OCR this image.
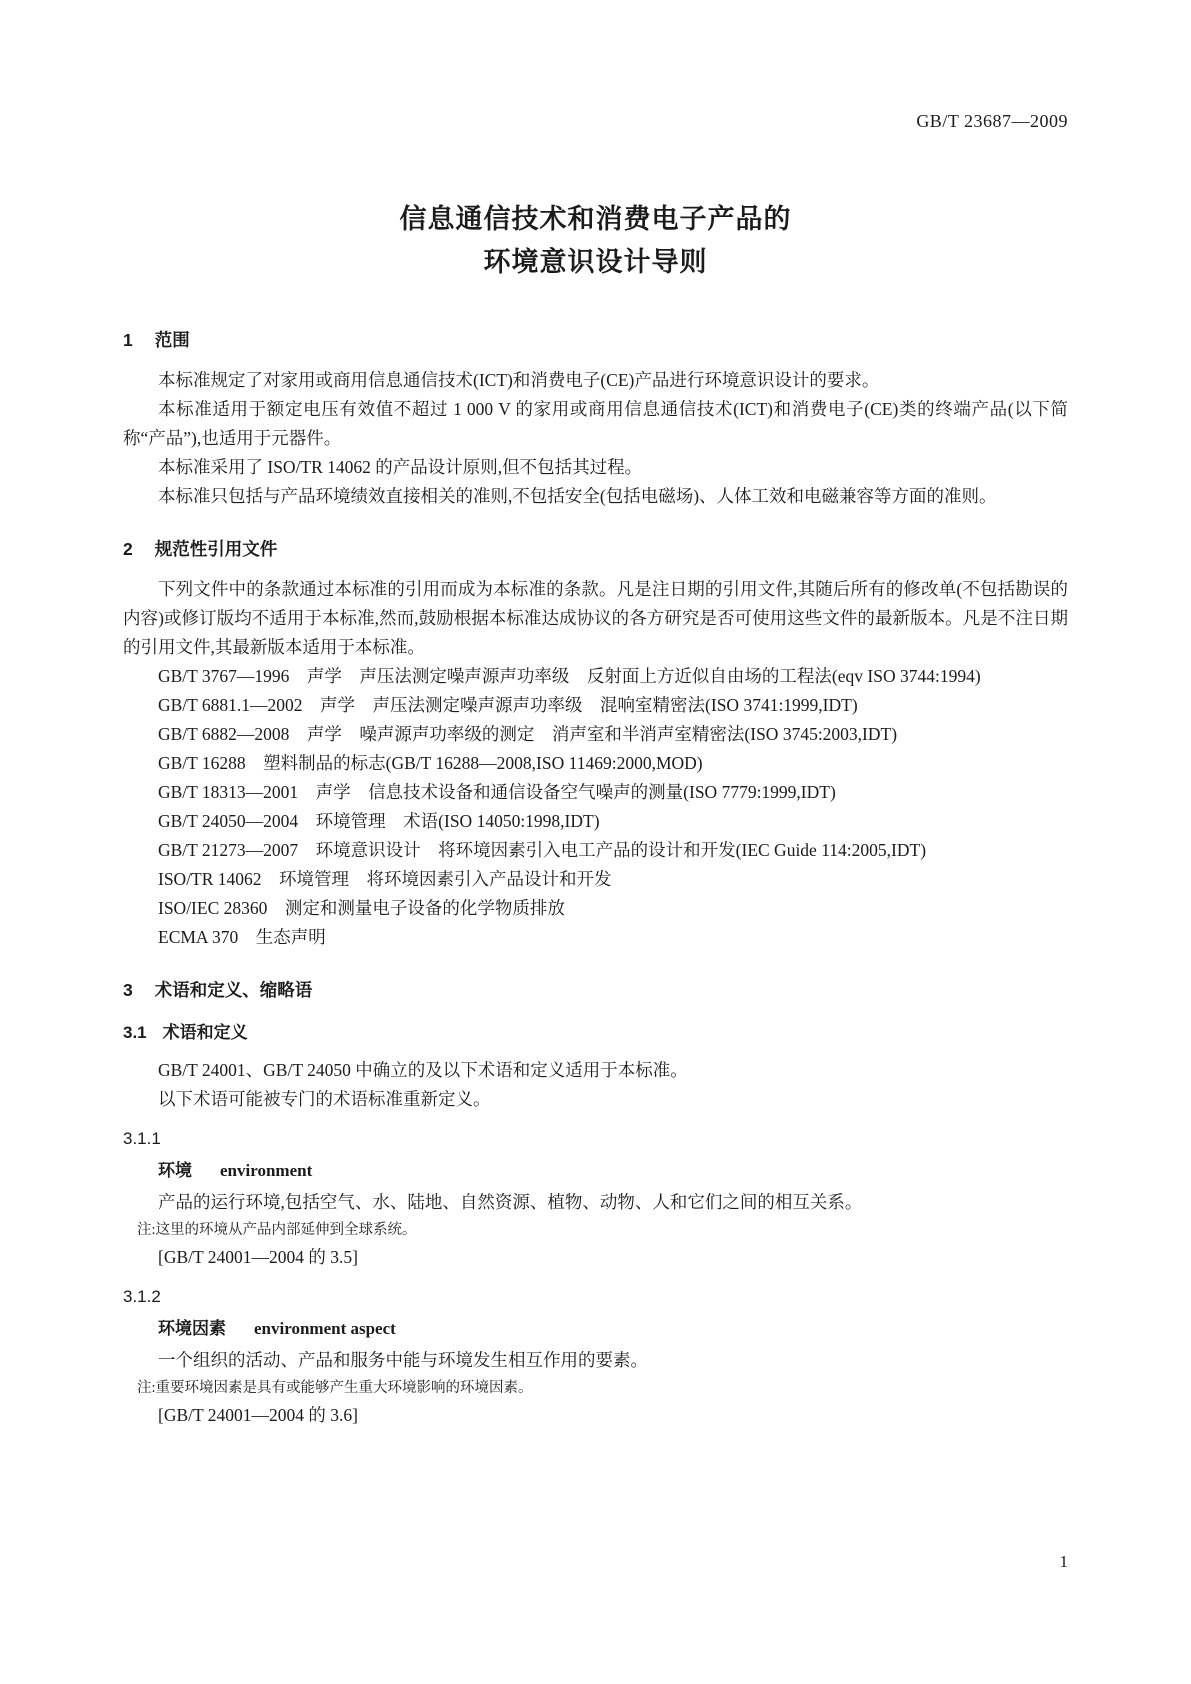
GB/T 23687—2009
信息通信技术和消费电子产品的
环境意识设计导则
1 范围

本标准规定了对家用或商用信息通信技术(ICT)和消费电子(CE)产品进行环境意识设计的要求。

本标准适用于额定电压有效值不超过 1 000 V 的家用或商用信息通信技术(ICT)和消费电子(CE)类的终端产品(以下简称“产品”),也适用于元器件。

本标准采用了 ISO/TR 14062 的产品设计原则,但不包括其过程。

本标准只包括与产品环境绩效直接相关的准则,不包括安全(包括电磁场)、人体工效和电磁兼容等方面的准则。

2 规范性引用文件

下列文件中的条款通过本标准的引用而成为本标准的条款。凡是注日期的引用文件,其随后所有的修改单(不包括勘误的内容)或修订版均不适用于本标准,然而,鼓励根据本标准达成协议的各方研究是否可使用这些文件的最新版本。凡是不注日期的引用文件,其最新版本适用于本标准。

GB/T 3767—1996　声学　声压法测定噪声源声功率级　反射面上方近似自由场的工程法(eqv ISO 3744:1994)

GB/T 6881.1—2002　声学　声压法测定噪声源声功率级　混响室精密法(ISO 3741:1999,IDT)

GB/T 6882—2008　声学　噪声源声功率级的测定　消声室和半消声室精密法(ISO 3745:2003,IDT)

GB/T 16288　塑料制品的标志(GB/T 16288—2008,ISO 11469:2000,MOD)

GB/T 18313—2001　声学　信息技术设备和通信设备空气噪声的测量(ISO 7779:1999,IDT)

GB/T 24050—2004　环境管理　术语(ISO 14050:1998,IDT)

GB/T 21273—2007　环境意识设计　将环境因素引入电工产品的设计和开发(IEC Guide 114:2005,IDT)

ISO/TR 14062　环境管理　将环境因素引入产品设计和开发

ISO/IEC 28360　测定和测量电子设备的化学物质排放

ECMA 370　生态声明

3 术语和定义、缩略语
3.1 术语和定义

GB/T 24001、GB/T 24050 中确立的及以下术语和定义适用于本标准。

以下术语可能被专门的术语标准重新定义。

3.1.1
环境 environment

产品的运行环境,包括空气、水、陆地、自然资源、植物、动物、人和它们之间的相互关系。

注:这里的环境从产品内部延伸到全球系统。

[GB/T 24001—2004 的 3.5]

3.1.2
环境因素 environment aspect

一个组织的活动、产品和服务中能与环境发生相互作用的要素。

注:重要环境因素是具有或能够产生重大环境影响的环境因素。

[GB/T 24001—2004 的 3.6]

1
